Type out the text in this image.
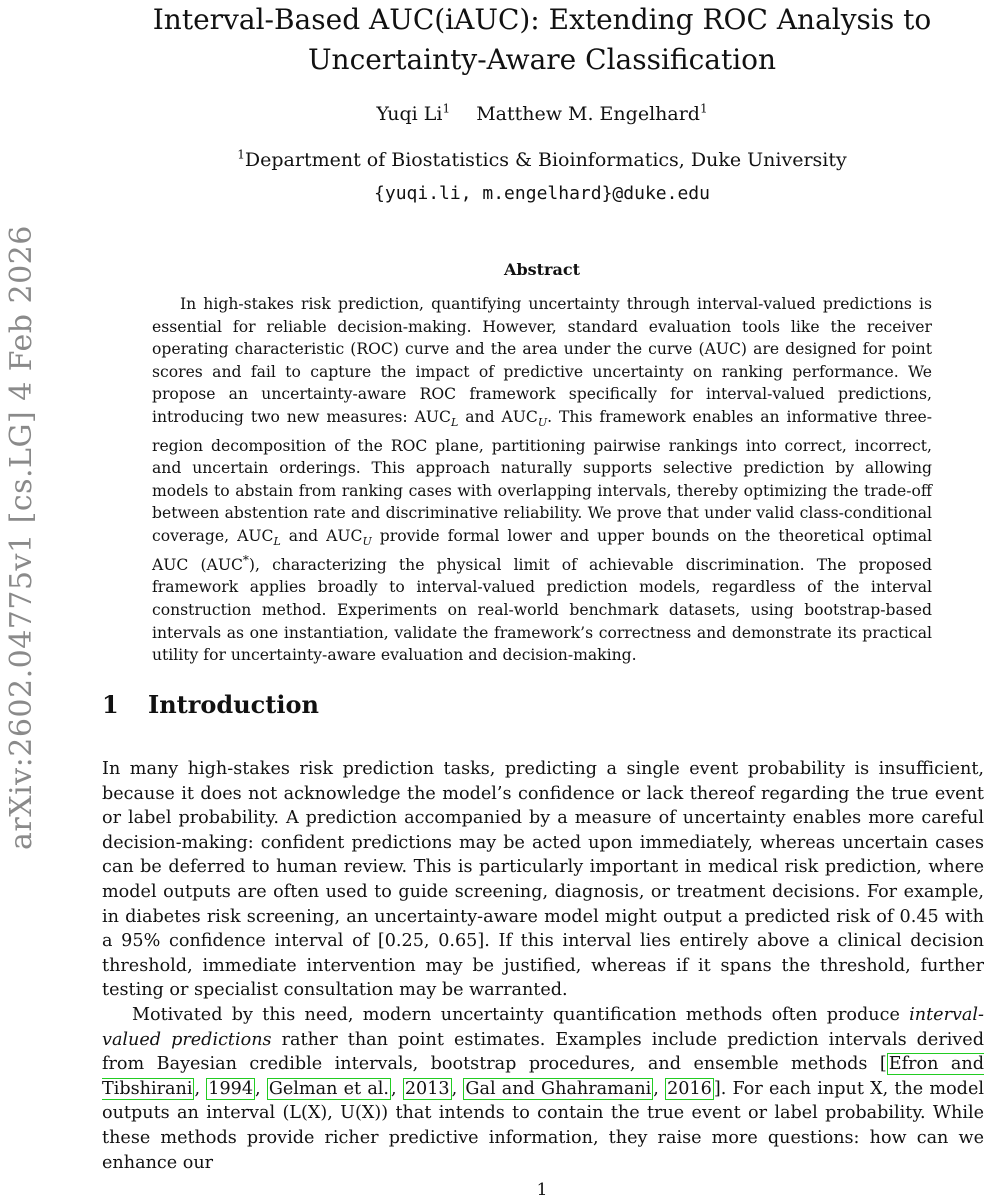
arXiv:2602.04775v1 [cs.LG] 4 Feb 2026
Interval-Based AUC(iAUC): Extending ROC Analysis to
Uncertainty-Aware Classification
Yuqi Li$^1$ Matthew M. Engelhard$^1$
$^1$Department of Biostatistics & Bioinformatics, Duke University
{yuqi.li, m.engelhard}@duke.edu
Abstract

In high-stakes risk prediction, quantifying uncertainty through interval-valued predictions is essential for reliable decision-making. However, standard evaluation tools like the receiver operating characteristic (ROC) curve and the area under the curve (AUC) are designed for point scores and fail to capture the impact of predictive uncertainty on ranking performance. We propose an uncertainty-aware ROC framework specifically for interval-valued predictions, introducing two new measures: $AUC_L$ and $AUC_U$. This framework enables an informative three-region decomposition of the ROC plane, partitioning pairwise rankings into correct, incorrect, and uncertain orderings. This approach naturally supports selective prediction by allowing models to abstain from ranking cases with overlapping intervals, thereby optimizing the trade-off between abstention rate and discriminative reliability. We prove that under valid class-conditional coverage, $AUC_L$ and $AUC_U$ provide formal lower and upper bounds on the theoretical optimal AUC (AUC*), characterizing the physical limit of achievable discrimination. The proposed framework applies broadly to interval-valued prediction models, regardless of the interval construction method. Experiments on real-world benchmark datasets, using bootstrap-based intervals as one instantiation, validate the framework’s correctness and demonstrate its practical utility for uncertainty-aware evaluation and decision-making.

1 Introduction

In many high-stakes risk prediction tasks, predicting a single event probability is insufficient, because it does not acknowledge the model’s confidence or lack thereof regarding the true event or label probability. A prediction accompanied by a measure of uncertainty enables more careful decision-making: confident predictions may be acted upon immediately, whereas uncertain cases can be deferred to human review. This is particularly important in medical risk prediction, where model outputs are often used to guide screening, diagnosis, or treatment decisions. For example, in diabetes risk screening, an uncertainty-aware model might output a predicted risk of 0.45 with a 95% confidence interval of [0.25, 0.65]. If this interval lies entirely above a clinical decision threshold, immediate intervention may be justified, whereas if it spans the threshold, further testing or specialist consultation may be warranted.

Motivated by this need, modern uncertainty quantification methods often produce interval-valued predictions rather than point estimates. Examples include prediction intervals derived from Bayesian credible intervals, bootstrap procedures, and ensemble methods [ Efron and Tibshirani , 1994 , Gelman et al. , 2013 , Gal and Ghahramani , 2016 ]. For each input X, the model outputs an interval (L(X), U(X)) that intends to contain the true event or label probability. While these methods provide richer predictive information, they raise more questions: how can we enhance our

1
